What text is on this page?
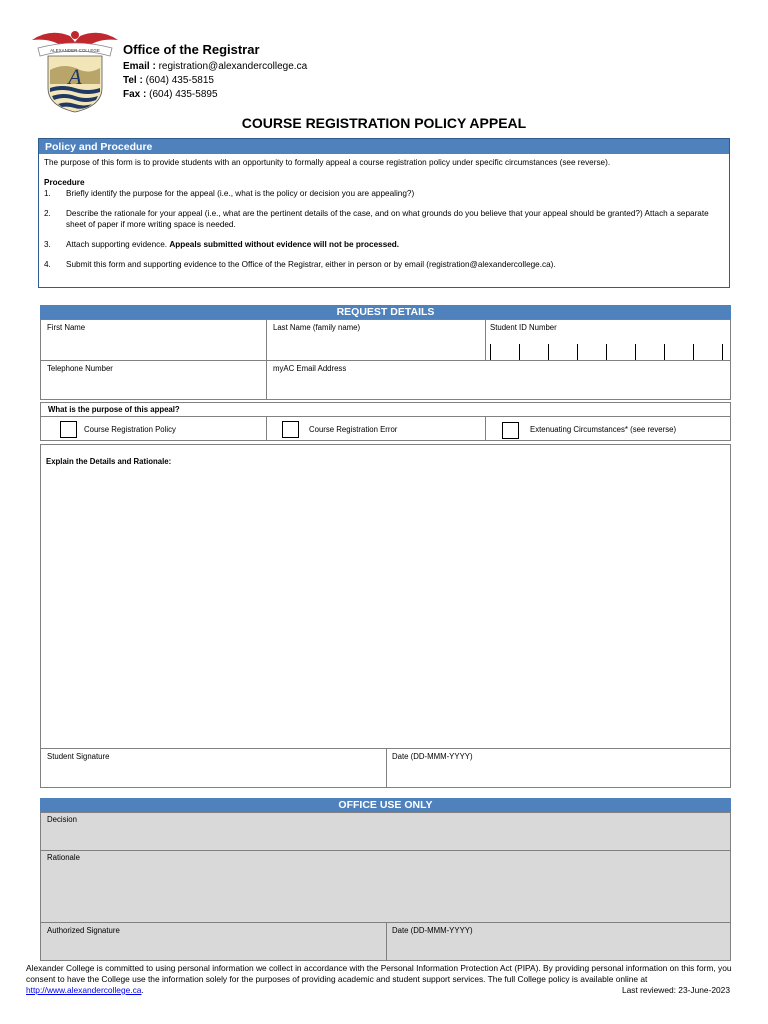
ALEXANDER COLLEGE
A
Office of the Registrar
Email : registration@alexandercollege.ca
Tel : (604) 435-5815
Fax : (604) 435-5895
COURSE REGISTRATION POLICY APPEAL
Policy and Procedure

The purpose of this form is to provide students with an opportunity to formally appeal a course registration policy under specific circumstances (see reverse).

Procedure
1.	Briefly identify the purpose for the appeal (i.e., what is the policy or decision you are appealing?)
2.	Describe the rationale for your appeal (i.e., what are the pertinent details of the case, and on what grounds do you believe that your appeal should be granted?) Attach a separate sheet of paper if more writing space is needed.
3.	Attach supporting evidence. Appeals submitted without evidence will not be processed.
4.	Submit this form and supporting evidence to the Office of the Registrar, either in person or by email (registration@alexandercollege.ca).
REQUEST DETAILS
First Name	Last Name (family name)	Student ID Number
Telephone Number	myAC Email Address
What is the purpose of this appeal?
Course Registration Policy	Course Registration Error	Extenuating Circumstances* (see reverse)
Explain the Details and Rationale:
Student Signature	Date (DD-MMM-YYYY)
OFFICE USE ONLY
Decision
Rationale
Authorized Signature	Date (DD-MMM-YYYY)
Alexander College is committed to using personal information we collect in accordance with the Personal Information Protection Act (PIPA). By providing personal information on this form, you consent to have the College use the information solely for the purposes of providing academic and student support services. The full College policy is available online at http://www.alexandercollege.ca.	Last reviewed: 23-June-2023
